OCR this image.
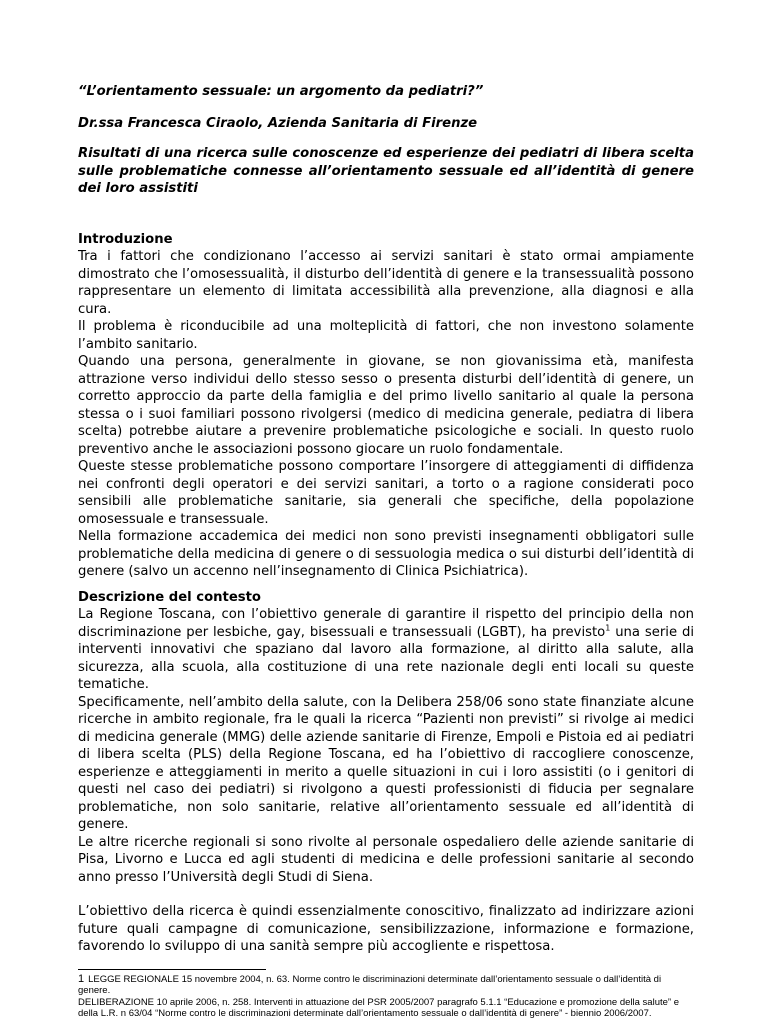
“L’orientamento sessuale: un argomento da pediatri?”

Dr.ssa Francesca Ciraolo, Azienda Sanitaria di Firenze

Risultati di una ricerca sulle conoscenze ed esperienze dei pediatri di libera scelta sulle problematiche connesse all’orientamento sessuale ed all’identità di genere dei loro assistiti

Introduzione

Tra i fattori che condizionano l’accesso ai servizi sanitari è stato ormai ampiamente dimostrato che l’omosessualità, il disturbo dell’identità di genere e la transessualità possono rappresentare un elemento di limitata accessibilità alla prevenzione, alla diagnosi e alla cura.

Il problema è riconducibile ad una molteplicità di fattori, che non investono solamente l’ambito sanitario.

Quando una persona, generalmente in giovane, se non giovanissima età, manifesta attrazione verso individui dello stesso sesso o presenta disturbi dell’identità di genere, un corretto approccio da parte della famiglia e del primo livello sanitario al quale la persona stessa o i suoi familiari possono rivolgersi (medico di medicina generale, pediatra di libera scelta) potrebbe aiutare a prevenire problematiche psicologiche e sociali. In questo ruolo preventivo anche le associazioni possono giocare un ruolo fondamentale.

Queste stesse problematiche possono comportare l’insorgere di atteggiamenti di diffidenza nei confronti degli operatori e dei servizi sanitari, a torto o a ragione considerati poco sensibili alle problematiche sanitarie, sia generali che specifiche, della popolazione omosessuale e transessuale.

Nella formazione accademica dei medici non sono previsti insegnamenti obbligatori sulle problematiche della medicina di genere o di sessuologia medica o sui disturbi dell’identità di genere (salvo un accenno nell’insegnamento di Clinica Psichiatrica).

Descrizione del contesto

La Regione Toscana, con l’obiettivo generale di garantire il rispetto del principio della non discriminazione per lesbiche, gay, bisessuali e transessuali (LGBT), ha previsto$^1$ una serie di interventi innovativi che spaziano dal lavoro alla formazione, al diritto alla salute, alla sicurezza, alla scuola, alla costituzione di una rete nazionale degli enti locali su queste tematiche.

Specificamente, nell’ambito della salute, con la Delibera 258/06 sono state finanziate alcune ricerche in ambito regionale, fra le quali la ricerca “Pazienti non previsti” si rivolge ai medici di medicina generale (MMG) delle aziende sanitarie di Firenze, Empoli e Pistoia ed ai pediatri di libera scelta (PLS) della Regione Toscana, ed ha l’obiettivo di raccogliere conoscenze, esperienze e atteggiamenti in merito a quelle situazioni in cui i loro assistiti (o i genitori di questi nel caso dei pediatri) si rivolgono a questi professionisti di fiducia per segnalare problematiche, non solo sanitarie, relative all’orientamento sessuale ed all’identità di genere.

Le altre ricerche regionali si sono rivolte al personale ospedaliero delle aziende sanitarie di Pisa, Livorno e Lucca ed agli studenti di medicina e delle professioni sanitarie al secondo anno presso l’Università degli Studi di Siena.

L’obiettivo della ricerca è quindi essenzialmente conoscitivo, finalizzato ad indirizzare azioni future quali campagne di comunicazione, sensibilizzazione, informazione e formazione, favorendo lo sviluppo di una sanità sempre più accogliente e rispettosa.

1 LEGGE REGIONALE 15 novembre 2004, n. 63. Norme contro le discriminazioni determinate dall’orientamento sessuale o dall’identità di genere.
DELIBERAZIONE 10 aprile 2006, n. 258. Interventi in attuazione del PSR 2005/2007 paragrafo 5.1.1 “Educazione e promozione della salute” e della L.R. n 63/04 “Norme contro le discriminazioni determinate dall’orientamento sessuale o dall’identità di genere” - biennio 2006/2007.
